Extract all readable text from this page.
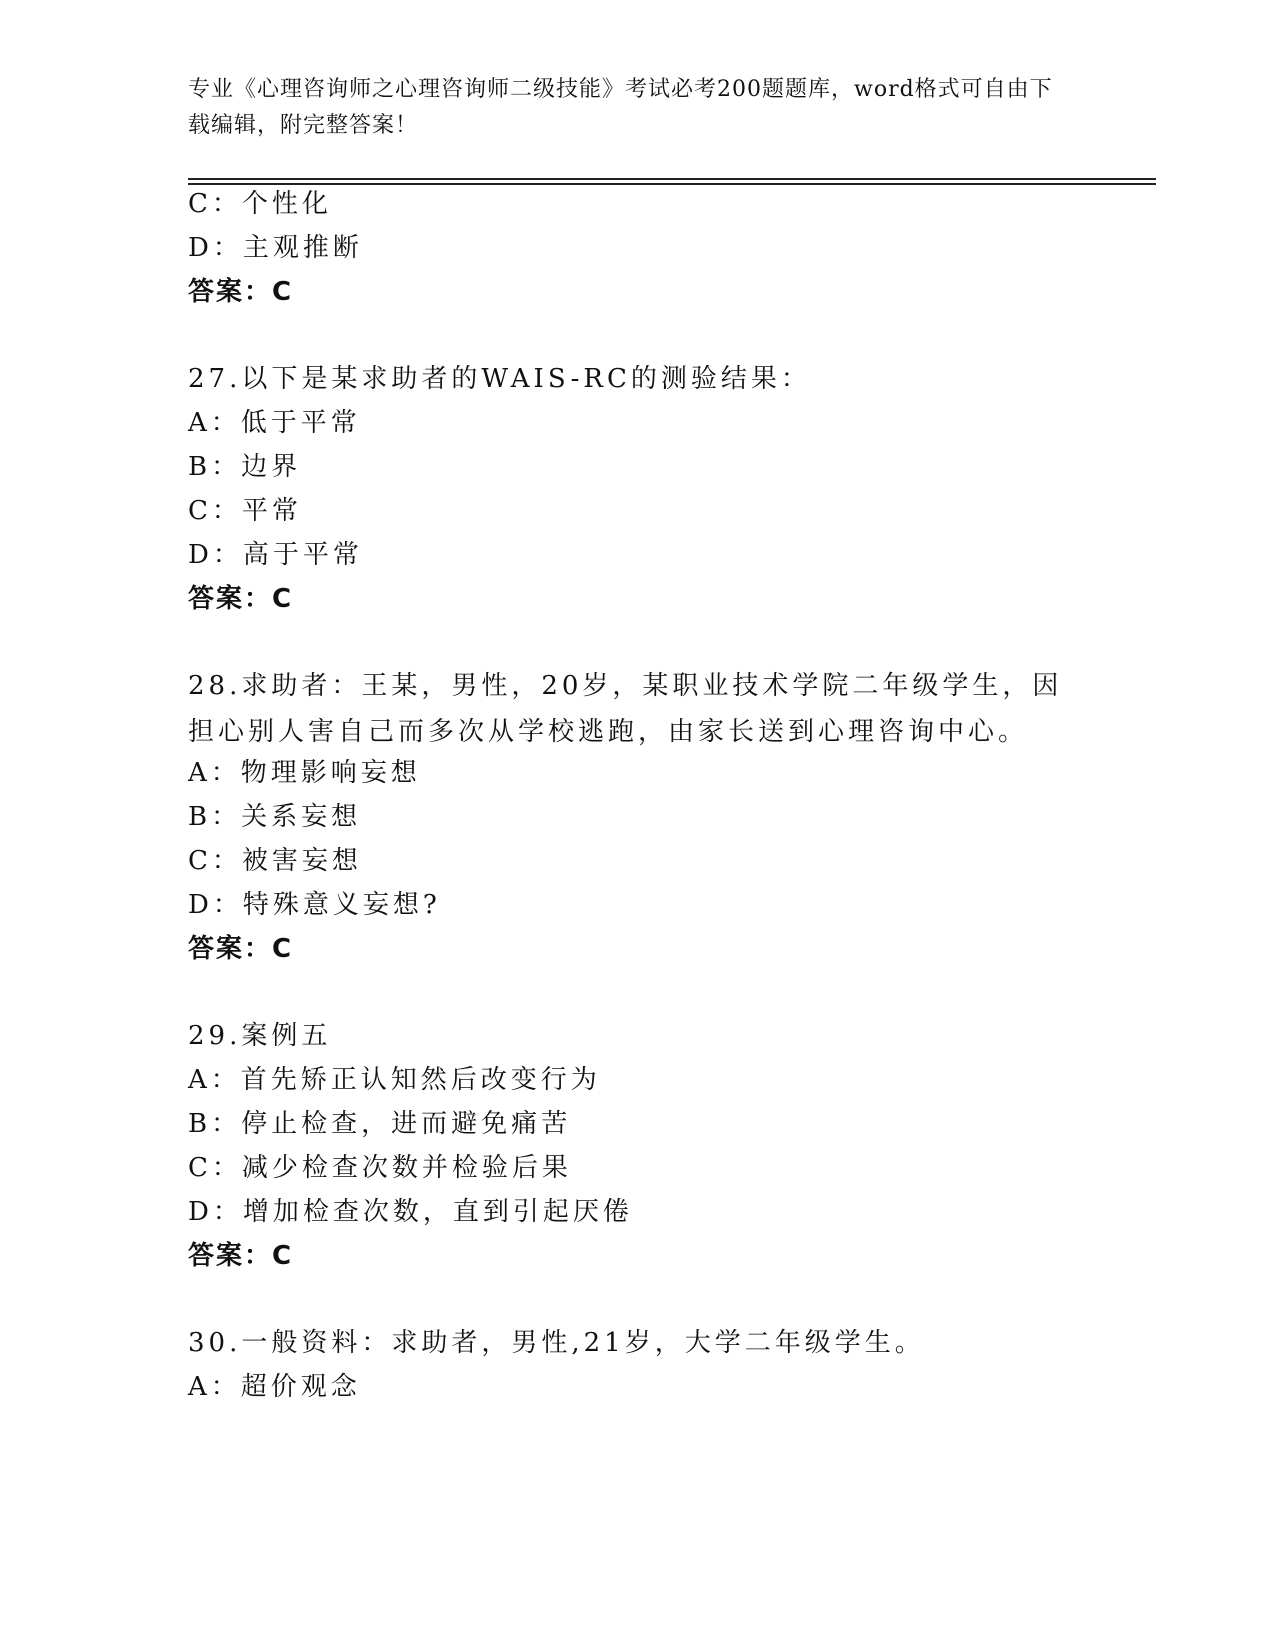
专业《心理咨询师之心理咨询师二级技能》考试必考200题题库，word格式可自由下载编辑，附完整答案！
C：个性化
D：主观推断
答案：C
27.以下是某求助者的WAIS-RC的测验结果：
A：低于平常
B：边界
C：平常
D：高于平常
答案：C
28.求助者：王某，男性，20岁，某职业技术学院二年级学生，因担心别人害自己而多次从学校逃跑，由家长送到心理咨询中心。
A：物理影响妄想
B：关系妄想
C：被害妄想
D：特殊意义妄想?
答案：C
29.案例五
A：首先矫正认知然后改变行为
B：停止检查，进而避免痛苦
C：减少检查次数并检验后果
D：增加检查次数，直到引起厌倦
答案：C
30.一般资料：求助者，男性,21岁，大学二年级学生。
A：超价观念
